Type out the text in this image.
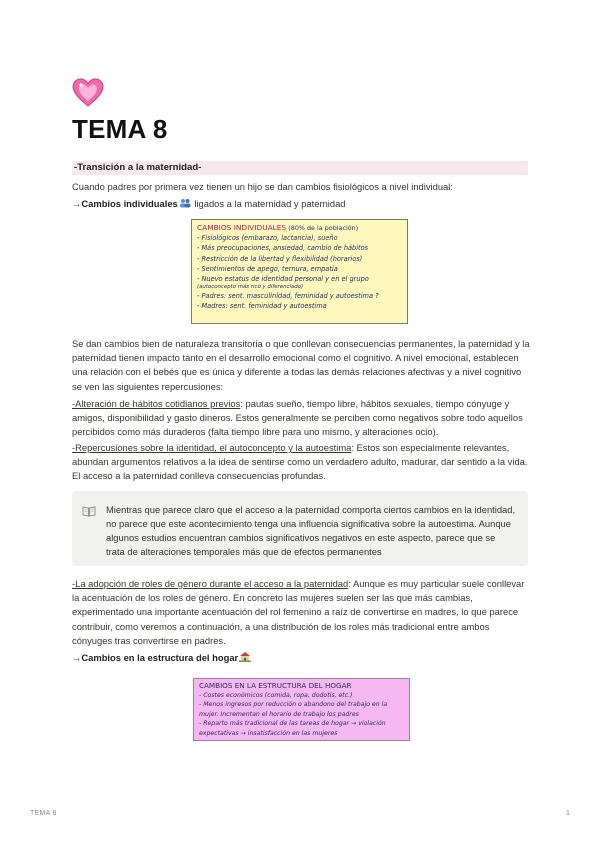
TEMA 8
-Transición a la maternidad-
Cuando padres por primera vez tienen un hijo se dan cambios fisiológicos a nivel individual:
→Cambios individuales ligados a la maternidad y paternidad
CAMBIOS INDIVIDUALES (80% de la población)
- Fisiológicos (embarazo, lactancia), sueño
- Más preocupaciones, ansiedad, cambio de hábitos
- Restricción de la libertad y flexibilidad (horarios)
- Sentimientos de apego, ternura, empatía
- Nuevo estatus de identidad personal y en el grupo
(autoconcepto más rico y diferenciado)
- Padres: sent. masculinidad, feminidad y autoestima ?
- Madres: sent. feminidad y autoestima
Se dan cambios bien de naturaleza transitoria o que conllevan consecuencias permanentes, la paternidad y la paternidad tienen impacto tanto en el desarrollo emocional como el cognitivo. A nivel emocional, establecen una relación con el bebés que es única y diferente a todas las demás relaciones afectivas y a nivel cognitivo se ven las siguientes repercusiones:
-Alteración de hábitos cotidianos previos: pautas sueño, tiempo libre, hábitos sexuales, tiempo cónyuge y amigos, disponibilidad y gasto dineros. Estos generalmente se perciben como negativos sobre todo aquellos percibidos como más duraderos (falta tiempo libre para uno mismo, y alteraciones ocio).
-Repercusiones sobre la identidad, el autoconcepto y la autoestima: Estos son especialmente relevantes, abundan argumentos relativos a la idea de sentirse como un verdadero adulto, madurar, dar sentido a la vida. El acceso a la paternidad conlleva consecuencias profundas.
Mientras que parece claro que el acceso a la paternidad comporta ciertos cambios en la identidad, no parece que este acontecimiento tenga una influencia significativa sobre la autoestima. Aunque algunos estudios encuentran cambios significativos negativos en este aspecto, parece que se trata de alteraciones temporales más que de efectos permanentes
-La adopción de roles de género durante el acceso a la paternidad: Aunque es muy particular suele conllevar la acentuación de los roles de género. En concreto las mujeres suelen ser las que más cambias, experimentado una importante acentuación del rol femenino a raíz de convertirse en madres, lo que parece contribuir, como veremos a continuación, a una distribución de los roles más tradicional entre ambos cónyuges tras convertirse en padres.
→Cambios en la estructura del hogar
CAMBIOS EN LA ESTRUCTURA DEL HOGAR
- Costes económicos (comida, ropa, dodotis, etc.)
- Menos ingresos por reducción o abandono del trabajo en la mujer. Incrementan el horario de trabajo los padres
- Reparto más tradicional de las tareas de hogar → violación expectativas → insatisfacción en las mujeres
TEMA 8	1
